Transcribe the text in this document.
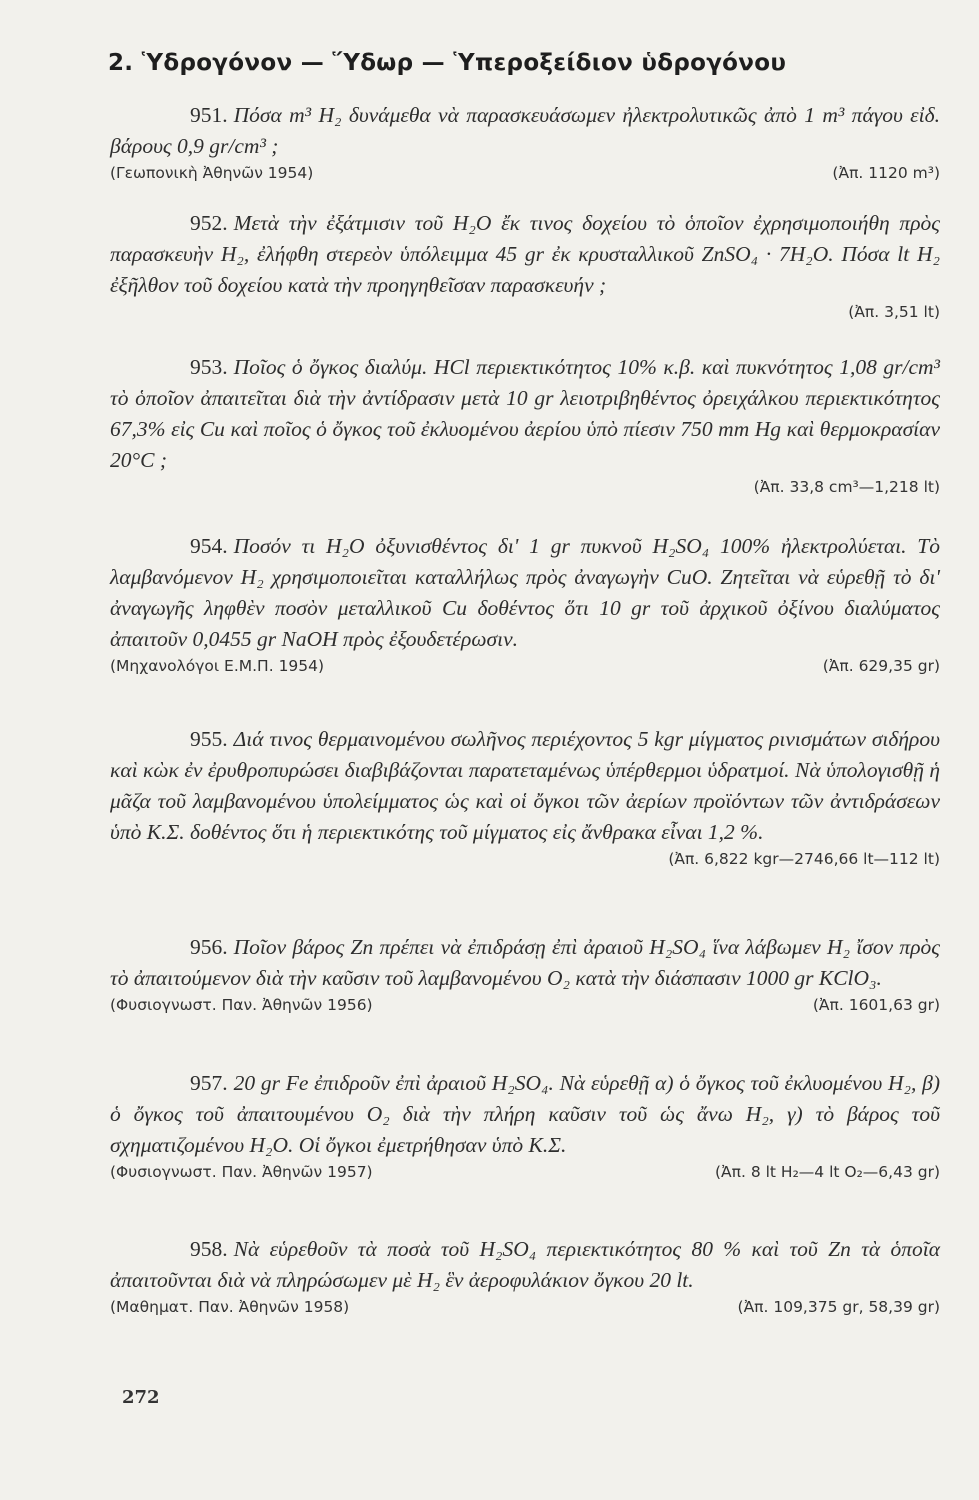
2. Ὑδρογόνον — Ὕδωρ — Ὑπεροξείδιον ὑδρογόνου
951. Πόσα m³ H₂ δυνάμεθα νὰ παρασκευάσωμεν ἠλεκτρολυτικῶς ἀπὸ 1 m³ πάγου εἰδ. βάρους 0,9 gr/cm³ ;
(Γεωπονικὴ Ἀθηνῶν 1954)	(Ἀπ. 1120 m³)
952. Μετὰ τὴν ἐξάτμισιν τοῦ H₂O ἔκ τινος δοχείου τὸ ὁποῖον ἐχρησιμοποιήθη πρὸς παρασκευὴν H₂, ἐλήφθη στερεὸν ὑπόλειμμα 45 gr ἐκ κρυσταλλικοῦ ZnSO₄ · 7H₂O. Πόσα lt H₂ ἐξῆλθον τοῦ δοχείου κατὰ τὴν προηγηθεῖσαν παρασκευήν ;
(Ἀπ. 3,51 lt)
953. Ποῖος ὁ ὄγκος διαλύμ. HCl περιεκτικότητος 10% κ.β. καὶ πυκνότητος 1,08 gr/cm³ τὸ ὁποῖον ἀπαιτεῖται διὰ τὴν ἀντίδρασιν μετὰ 10 gr λειοτριβηθέντος ὀρειχάλκου περιεκτικότητος 67,3% εἰς Cu καὶ ποῖος ὁ ὄγκος τοῦ ἐκλυομένου ἀερίου ὑπὸ πίεσιν 750 mm Hg καὶ θερμοκρασίαν 20°C ;
(Ἀπ. 33,8 cm³—1,218 lt)
954. Ποσόν τι H₂O ὀξυνισθέντος δι' 1 gr πυκνοῦ H₂SO₄ 100% ἠλεκτρολύεται. Τὸ λαμβανόμενον H₂ χρησιμοποιεῖται καταλλήλως πρὸς ἀναγωγὴν CuO. Ζητεῖται νὰ εὑρεθῇ τὸ δι' ἀναγωγῆς ληφθὲν ποσὸν μεταλλικοῦ Cu δοθέντος ὅτι 10 gr τοῦ ἀρχικοῦ ὀξίνου διαλύματος ἀπαιτοῦν 0,0455 gr NaOH πρὸς ἐξουδετέρωσιν.
(Μηχανολόγοι Ε.Μ.Π. 1954)	(Ἀπ. 629,35 gr)
955. Διά τινος θερμαινομένου σωλῆνος περιέχοντος 5 kgr μίγματος ρινισμάτων σιδήρου καὶ κὼκ ἐν ἐρυθροπυρώσει διαβιβάζονται παρατεταμένως ὑπέρθερμοι ὑδρατμοί. Νὰ ὑπολογισθῇ ἡ μᾶζα τοῦ λαμβανομένου ὑπολείμματος ὡς καὶ οἱ ὄγκοι τῶν ἀερίων προϊόντων τῶν ἀντιδράσεων ὑπὸ Κ.Σ. δοθέντος ὅτι ἡ περιεκτικότης τοῦ μίγματος εἰς ἄνθρακα εἶναι 1,2 %.
(Ἀπ. 6,822 kgr—2746,66 lt—112 lt)
956. Ποῖον βάρος Zn πρέπει νὰ ἐπιδράσῃ ἐπὶ ἀραιοῦ H₂SO₄ ἵνα λάβωμεν H₂ ἴσον πρὸς τὸ ἀπαιτούμενον διὰ τὴν καῦσιν τοῦ λαμβανομένου O₂ κατὰ τὴν διάσπασιν 1000 gr KClO₃.
(Φυσιογνωστ. Παν. Ἀθηνῶν 1956)	(Ἀπ. 1601,63 gr)
957. 20 gr Fe ἐπιδροῦν ἐπὶ ἀραιοῦ H₂SO₄. Νὰ εὑρεθῇ α) ὁ ὄγκος τοῦ ἐκλυομένου H₂, β) ὁ ὄγκος τοῦ ἀπαιτουμένου O₂ διὰ τὴν πλήρη καῦσιν τοῦ ὡς ἄνω H₂, γ) τὸ βάρος τοῦ σχηματιζομένου H₂O. Οἱ ὄγκοι ἐμετρήθησαν ὑπὸ Κ.Σ.
(Φυσιογνωστ. Παν. Ἀθηνῶν 1957)	(Ἀπ. 8 lt H₂—4 lt O₂—6,43 gr)
958. Νὰ εὑρεθοῦν τὰ ποσὰ τοῦ H₂SO₄ περιεκτικότητος 80 % καὶ τοῦ Zn τὰ ὁποῖα ἀπαιτοῦνται διὰ νὰ πληρώσωμεν μὲ H₂ ἓν ἀεροφυλάκιον ὄγκου 20 lt.
(Μαθηματ. Παν. Ἀθηνῶν 1958)	(Ἀπ. 109,375 gr, 58,39 gr)
272
